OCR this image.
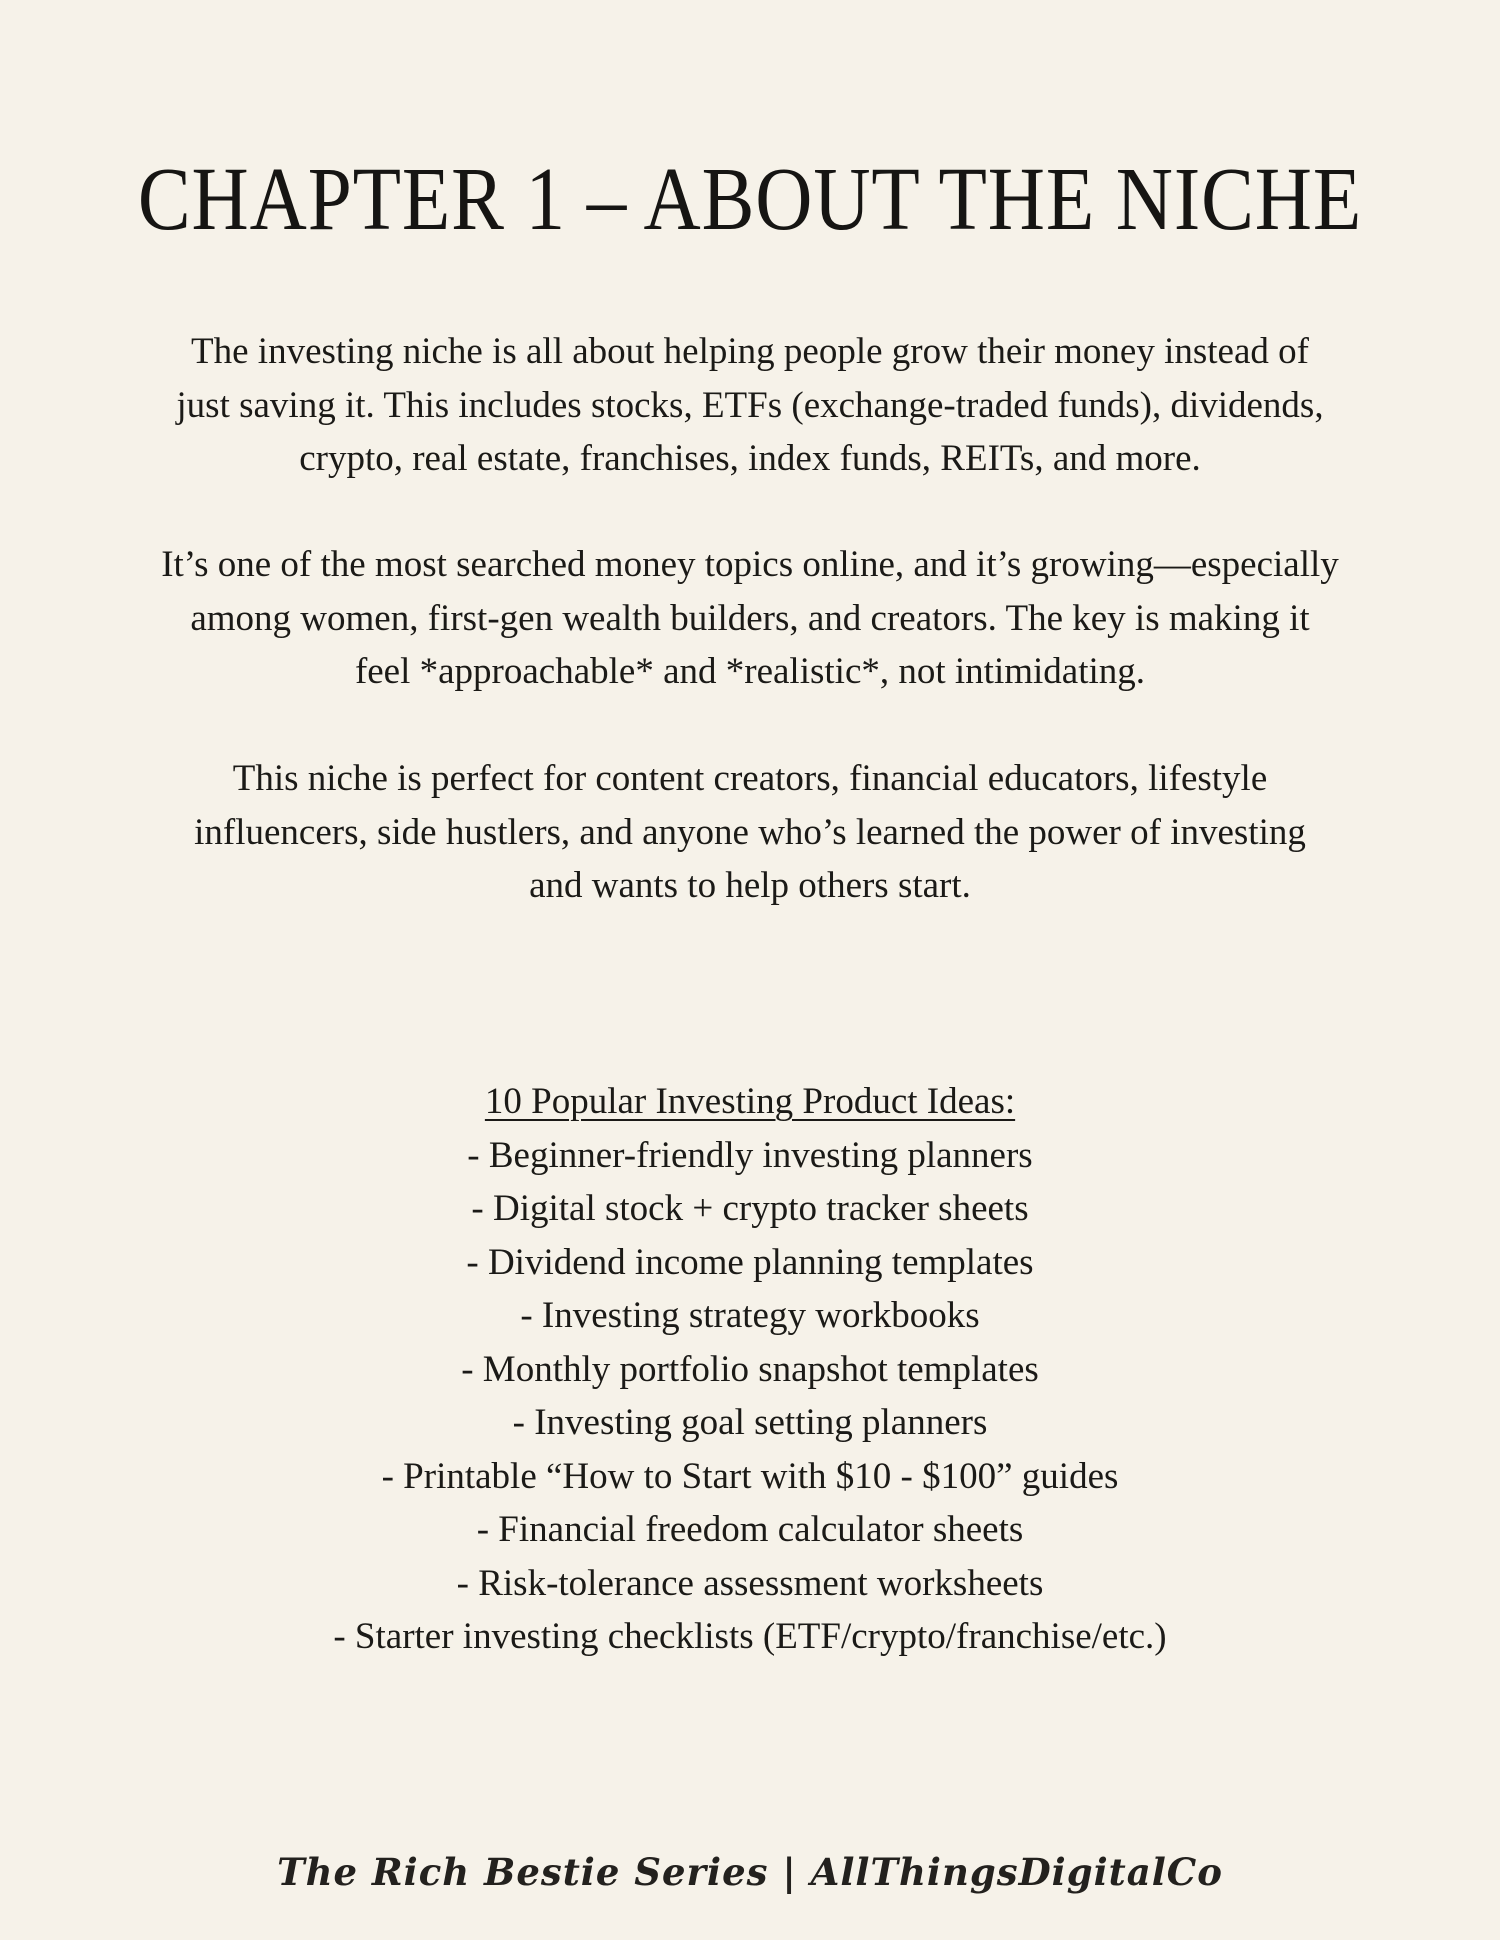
CHAPTER 1 – ABOUT THE NICHE
The investing niche is all about helping people grow their money instead of
just saving it. This includes stocks, ETFs (exchange-traded funds), dividends,
crypto, real estate, franchises, index funds, REITs, and more.
It’s one of the most searched money topics online, and it’s growing—especially
among women, first-gen wealth builders, and creators. The key is making it
feel *approachable* and *realistic*, not intimidating.
This niche is perfect for content creators, financial educators, lifestyle
influencers, side hustlers, and anyone who’s learned the power of investing
and wants to help others start.
10 Popular Investing Product Ideas:
- Beginner-friendly investing planners
- Digital stock + crypto tracker sheets
- Dividend income planning templates
- Investing strategy workbooks
- Monthly portfolio snapshot templates
- Investing goal setting planners
- Printable “How to Start with $10 - $100” guides
- Financial freedom calculator sheets
- Risk-tolerance assessment worksheets
- Starter investing checklists (ETF/crypto/franchise/etc.)
The Rich Bestie Series | AllThingsDigitalCo
